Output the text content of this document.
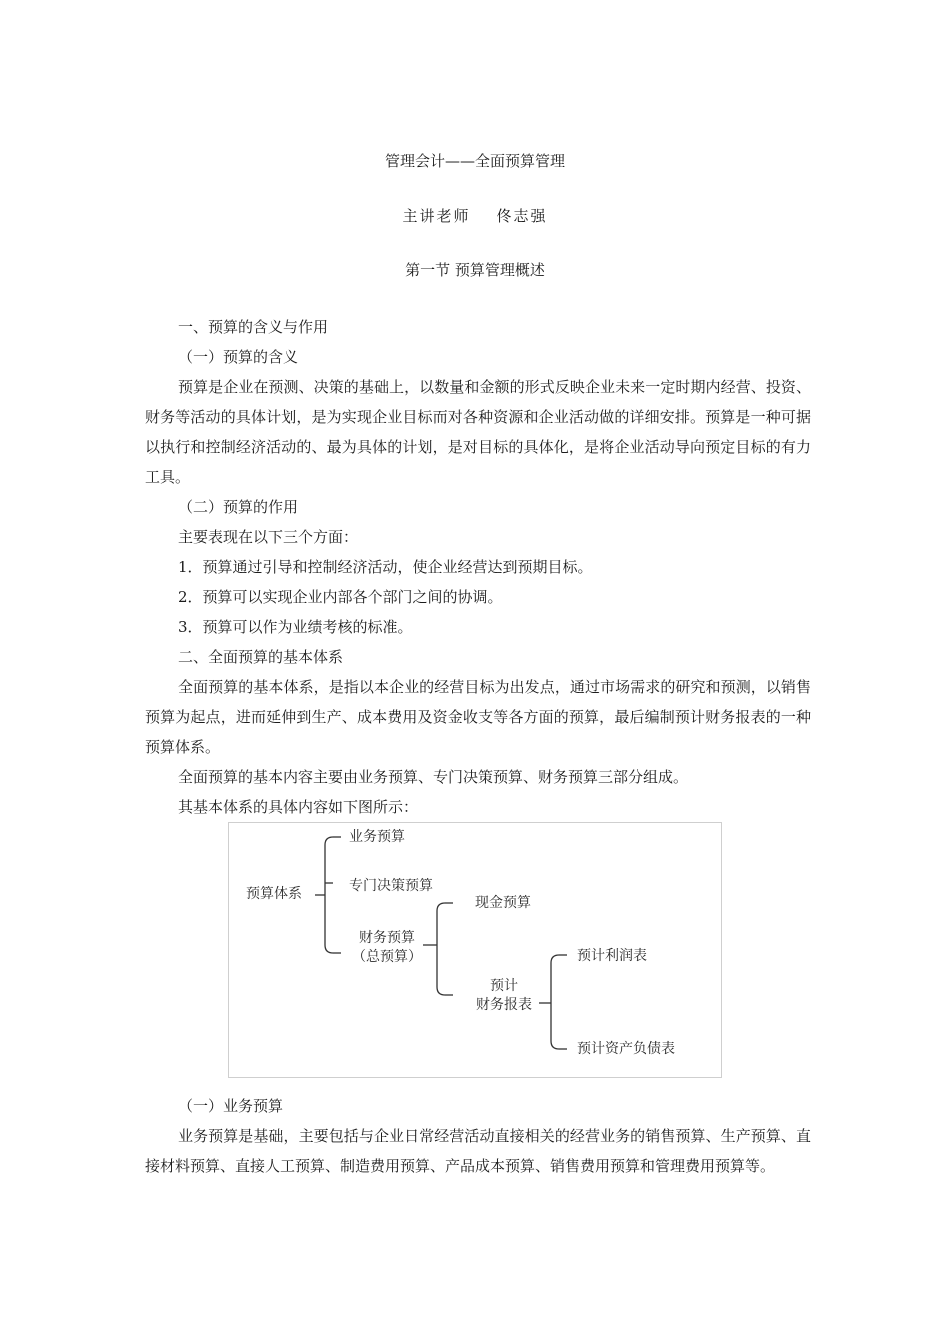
管理会计——全面预算管理
主讲老师 佟志强
第一节 预算管理概述

一、预算的含义与作用

（一）预算的含义

预算是企业在预测、决策的基础上，以数量和金额的形式反映企业未来一定时期内经营、投资、财务等活动的具体计划，是为实现企业目标而对各种资源和企业活动做的详细安排。预算是一种可据以执行和控制经济活动的、最为具体的计划，是对目标的具体化，是将企业活动导向预定目标的有力工具。

（二）预算的作用

主要表现在以下三个方面：

1．预算通过引导和控制经济活动，使企业经营达到预期目标。

2．预算可以实现企业内部各个部门之间的协调。

3．预算可以作为业绩考核的标准。

二、全面预算的基本体系

全面预算的基本体系，是指以本企业的经营目标为出发点，通过市场需求的研究和预测，以销售预算为起点，进而延伸到生产、成本费用及资金收支等各方面的预算，最后编制预计财务报表的一种预算体系。

全面预算的基本内容主要由业务预算、专门决策预算、财务预算三部分组成。

其基本体系的具体内容如下图所示：

预算体系
业务预算
专门决策预算
财务预算
（总预算）
现金预算
预计
财务报表
预计利润表
预计资产负债表

（一）业务预算

业务预算是基础，主要包括与企业日常经营活动直接相关的经营业务的销售预算、生产预算、直接材料预算、直接人工预算、制造费用预算、产品成本预算、销售费用预算和管理费用预算等。
